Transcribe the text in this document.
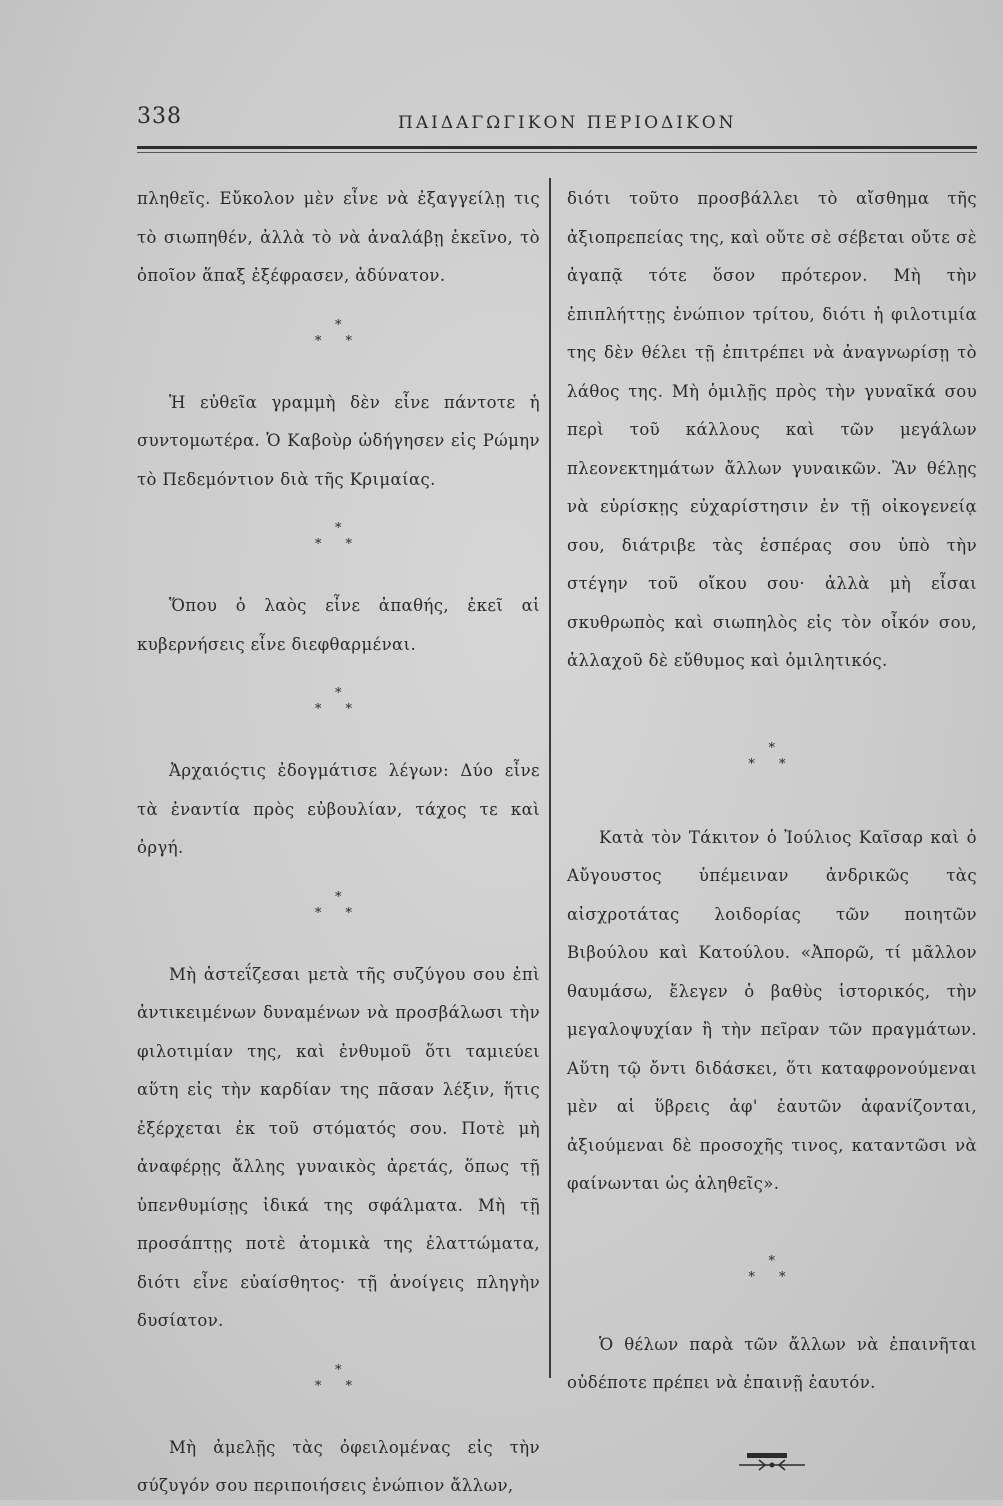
338	ΠΑΙΔΑΓΩΓΙΚΟΝ ΠΕΡΙΟΔΙΚΟΝ

πληθεῖς. Εὔκολον μὲν εἶνε νὰ ἐξαγγείλῃ τις τὸ σιωπηθέν, ἀλλὰ τὸ νὰ ἀναλάβῃ ἐκεῖνο, τὸ ὁποῖον ἅπαξ ἐξέφρασεν, ἀδύνατον.

*
* *

Ἡ εὐθεῖα γραμμὴ δὲν εἶνε πάντοτε ἡ συντομωτέρα. Ὁ Καβοὺρ ὡδήγησεν εἰς Ρώμην τὸ Πεδεμόντιον διὰ τῆς Κριμαίας.

*
* *

Ὅπου ὁ λαὸς εἶνε ἀπαθής, ἐκεῖ αἱ κυβερνήσεις εἶνε διεφθαρμέναι.

*
* *

Ἀρχαιόςτις ἐδογμάτισε λέγων: Δύο εἶνε τὰ ἐναντία πρὸς εὐβουλίαν, τάχος τε καὶ ὀργή.

*
* *

Μὴ ἀστεΐζεσαι μετὰ τῆς συζύγου σου ἐπὶ ἀντικειμένων δυναμένων νὰ προσβάλωσι τὴν φιλοτιμίαν της, καὶ ἐνθυμοῦ ὅτι ταμιεύει αὕτη εἰς τὴν καρδίαν της πᾶσαν λέξιν, ἥτις ἐξέρχεται ἐκ τοῦ στόματός σου. Ποτὲ μὴ ἀναφέρῃς ἄλλης γυναικὸς ἀρετάς, ὅπως τῇ ὑπενθυμίσῃς ἰδικά της σφάλματα. Μὴ τῇ προσάπτῃς ποτὲ ἀτομικὰ της ἐλαττώματα, διότι εἶνε εὐαίσθητος· τῇ ἀνοίγεις πληγὴν δυσίατον.

*
* *

Μὴ ἀμελῇς τὰς ὀφειλομένας εἰς τὴν σύζυγόν σου περιποιήσεις ἐνώπιον ἄλλων,

διότι τοῦτο προσβάλλει τὸ αἴσθημα τῆς ἀξιοπρεπείας της, καὶ οὔτε σὲ σέβεται οὔτε σὲ ἀγαπᾷ τότε ὅσον πρότερον. Μὴ τὴν ἐπιπλήττῃς ἐνώπιον τρίτου, διότι ἡ φιλοτιμία της δὲν θέλει τῇ ἐπιτρέπει νὰ ἀναγνωρίσῃ τὸ λάθος της. Μὴ ὁμιλῇς πρὸς τὴν γυναῖκά σου περὶ τοῦ κάλλους καὶ τῶν μεγάλων πλεονεκτημάτων ἄλλων γυναικῶν. Ἂν θέλῃς νὰ εὑρίσκῃς εὐχαρίστησιν ἐν τῇ οἰκογενείᾳ σου, διάτριβε τὰς ἑσπέρας σου ὑπὸ τὴν στέγην τοῦ οἴκου σου· ἀλλὰ μὴ εἶσαι σκυθρωπὸς καὶ σιωπηλὸς εἰς τὸν οἶκόν σου, ἀλλαχοῦ δὲ εὔθυμος καὶ ὁμιλητικός.

*
* *

Κατὰ τὸν Τάκιτον ὁ Ἰούλιος Καῖσαρ καὶ ὁ Αὔγουστος ὑπέμειναν ἀνδρικῶς τὰς αἰσχροτάτας λοιδορίας τῶν ποιητῶν Βιβούλου καὶ Κατούλου. «Ἀπορῶ, τί μᾶλλον θαυμάσω, ἔλεγεν ὁ βαθὺς ἱστορικός, τὴν μεγαλοψυχίαν ἢ τὴν πεῖραν τῶν πραγμάτων. Αὕτη τῷ ὄντι διδάσκει, ὅτι καταφρονούμεναι μὲν αἱ ὕβρεις ἀφ' ἑαυτῶν ἀφανίζονται, ἀξιούμεναι δὲ προσοχῆς τινος, καταντῶσι νὰ φαίνωνται ὡς ἀληθεῖς».

*
* *

Ὁ θέλων παρὰ τῶν ἄλλων νὰ ἐπαινῆται οὐδέποτε πρέπει νὰ ἐπαινῇ ἑαυτόν.
